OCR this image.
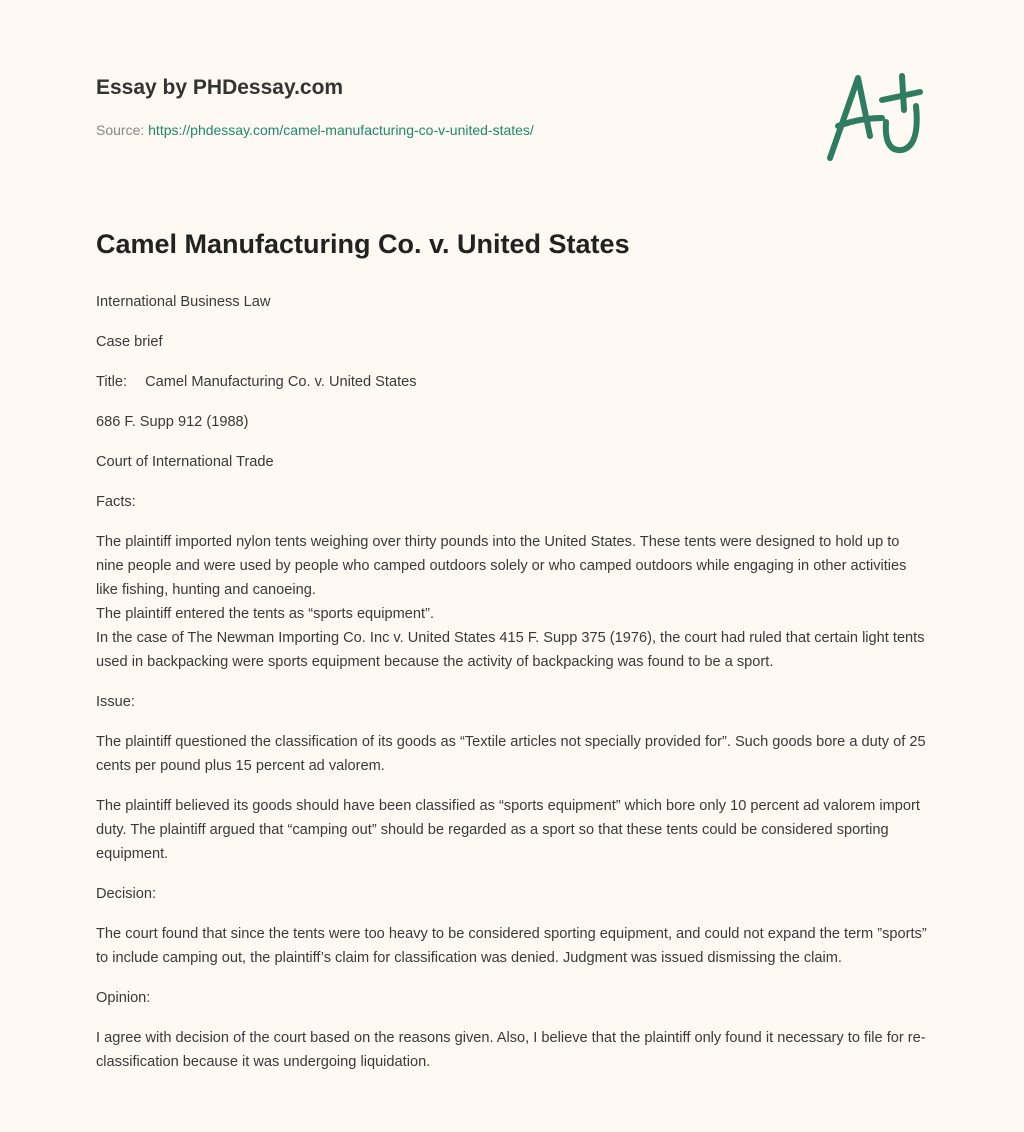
Essay by PHDessay.com
Source: https://phdessay.com/camel-manufacturing-co-v-united-states/
Camel Manufacturing Co. v. United States

International Business Law

Case brief

Title: Camel Manufacturing Co. v. United States

686 F. Supp 912 (1988)

Court of International Trade

Facts:

The plaintiff imported nylon tents weighing over thirty pounds into the United States. These tents were designed to hold up to nine people and were used by people who camped outdoors solely or who camped outdoors while engaging in other activities like fishing, hunting and canoeing.
The plaintiff entered the tents as “sports equipment”.
In the case of The Newman Importing Co. Inc v. United States 415 F. Supp 375 (1976), the court had ruled that certain light tents used in backpacking were sports equipment because the activity of backpacking was found to be a sport.

Issue:

The plaintiff questioned the classification of its goods as “Textile articles not specially provided for”. Such goods bore a duty of 25 cents per pound plus 15 percent ad valorem.

The plaintiff believed its goods should have been classified as “sports equipment” which bore only 10 percent ad valorem import duty. The plaintiff argued that “camping out” should be regarded as a sport so that these tents could be considered sporting equipment.

Decision:

The court found that since the tents were too heavy to be considered sporting equipment, and could not expand the term ”sports” to include camping out, the plaintiff’s claim for classification was denied. Judgment was issued dismissing the claim.

Opinion:

I agree with decision of the court based on the reasons given. Also, I believe that the plaintiff only found it necessary to file for re-classification because it was undergoing liquidation.
